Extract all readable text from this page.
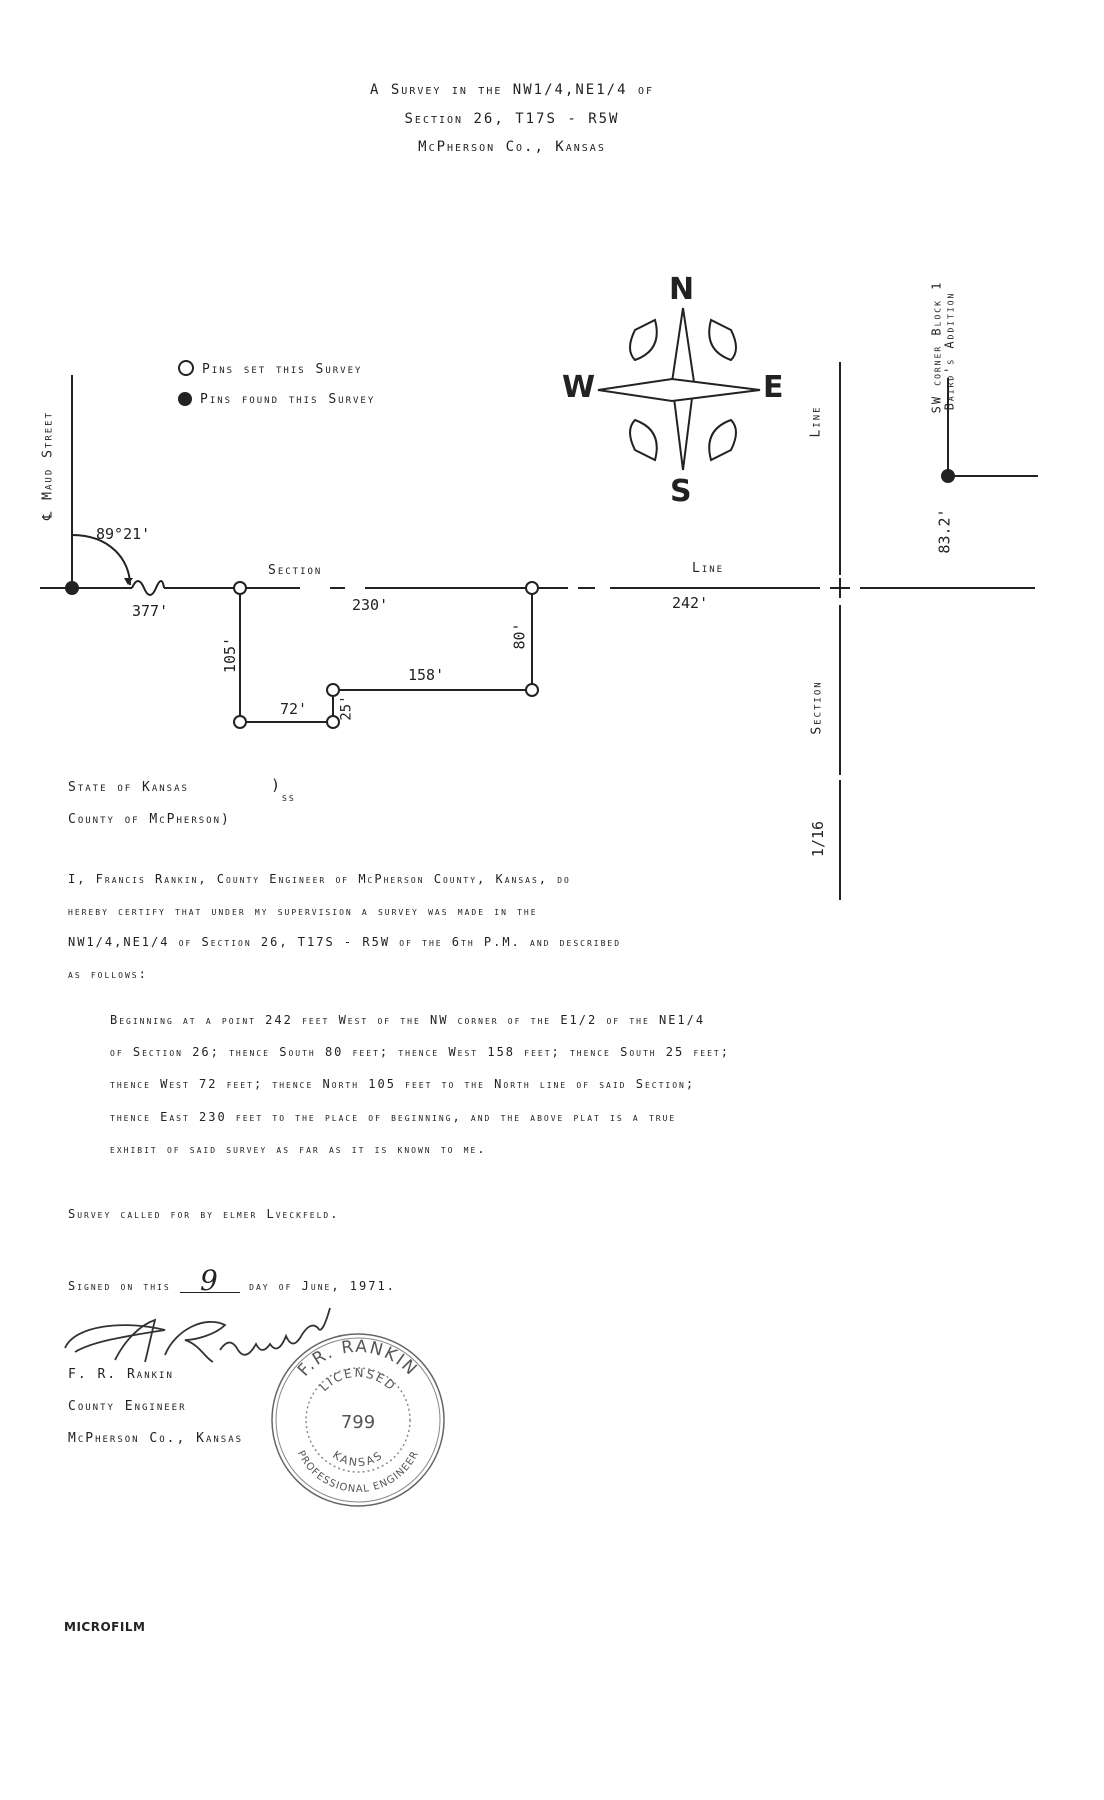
A Survey in the NW1/4,NE1/4 of
Section 26, T17S - R5W
McPherson Co., Kansas
N
E
S
W
Pins set this Survey
Pins found this Survey
℄ Maud Street
89°21'
377'
Section	Line
230'	242'
105'
80'
158'
72' 25'
Line
Section
1/16
SW corner Block 1
Baird's Addition
83.2'
State of Kansas	)
ss
County of McPherson)
I, Francis Rankin, County Engineer of McPherson County, Kansas, do
hereby certify that under my supervision a survey was made in the
NW1/4,NE1/4 of Section 26, T17S - R5W of the 6th P.M. and described
as follows:
Beginning at a point 242 feet West of the NW corner of the E1/2 of the NE1/4
of Section 26; thence South 80 feet; thence West 158 feet; thence South 25 feet;
thence West 72 feet; thence North 105 feet to the North line of said Section;
thence East 230 feet to the place of beginning, and the above plat is a true
exhibit of said survey as far as it is known to me.
Survey called for by elmer Lveckfeld.
Signed on this 9 day of June, 1971.
F. R. Rankin
County Engineer
McPherson Co., Kansas
F.R. RANKIN
PROFESSIONAL ENGINEER
LICENSED
KANSAS
799
MICROFILM
